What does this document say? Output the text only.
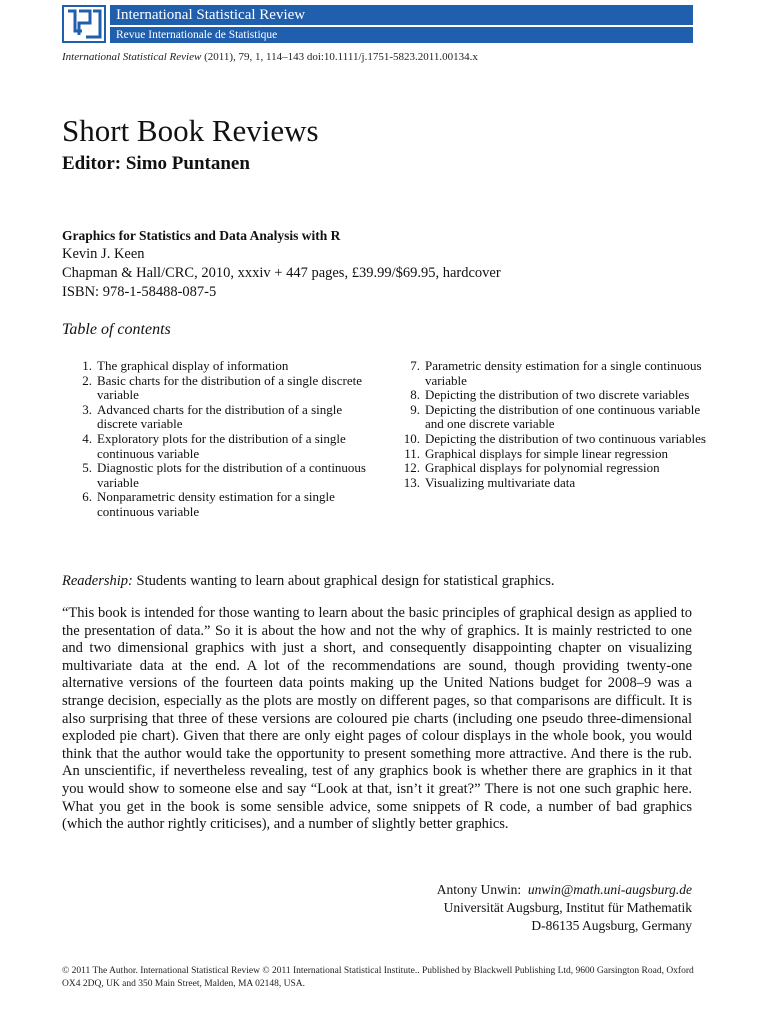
International Statistical Review
Revue Internationale de Statistique
International Statistical Review (2011), 79, 1, 114–143 doi:10.1111/j.1751-5823.2011.00134.x
Short Book Reviews
Editor: Simo Puntanen
Graphics for Statistics and Data Analysis with R
Kevin J. Keen
Chapman & Hall/CRC, 2010, xxxiv + 447 pages, £39.99/$69.95, hardcover
ISBN: 978-1-58488-087-5
Table of contents
1. The graphical display of information
2. Basic charts for the distribution of a single discrete variable
3. Advanced charts for the distribution of a single discrete variable
4. Exploratory plots for the distribution of a single continuous variable
5. Diagnostic plots for the distribution of a continuous variable
6. Nonparametric density estimation for a single continuous variable
7. Parametric density estimation for a single continuous variable
8. Depicting the distribution of two discrete variables
9. Depicting the distribution of one continuous variable and one discrete variable
10. Depicting the distribution of two continuous variables
11. Graphical displays for simple linear regression
12. Graphical displays for polynomial regression
13. Visualizing multivariate data
Readership: Students wanting to learn about graphical design for statistical graphics.

“This book is intended for those wanting to learn about the basic principles of graphical design as applied to the presentation of data.” So it is about the how and not the why of graphics. It is mainly restricted to one and two dimensional graphics with just a short, and consequently disappointing chapter on visualizing multivariate data at the end. A lot of the recommendations are sound, though providing twenty-one alternative versions of the fourteen data points making up the United Nations budget for 2008–9 was a strange decision, especially as the plots are mostly on different pages, so that comparisons are difficult. It is also surprising that three of these versions are coloured pie charts (including one pseudo three-dimensional exploded pie chart). Given that there are only eight pages of colour displays in the whole book, you would think that the author would take the opportunity to present something more attractive. And there is the rub. An unscientific, if nevertheless revealing, test of any graphics book is whether there are graphics in it that you would show to someone else and say “Look at that, isn’t it great?” There is not one such graphic here. What you get in the book is some sensible advice, some snippets of R code, a number of bad graphics (which the author rightly criticises), and a number of slightly better graphics.

Antony Unwin: unwin@math.uni-augsburg.de
Universität Augsburg, Institut für Mathematik
D-86135 Augsburg, Germany
© 2011 The Author. International Statistical Review © 2011 International Statistical Institute.. Published by Blackwell Publishing Ltd, 9600 Garsington Road, Oxford OX4 2DQ, UK and 350 Main Street, Malden, MA 02148, USA.
